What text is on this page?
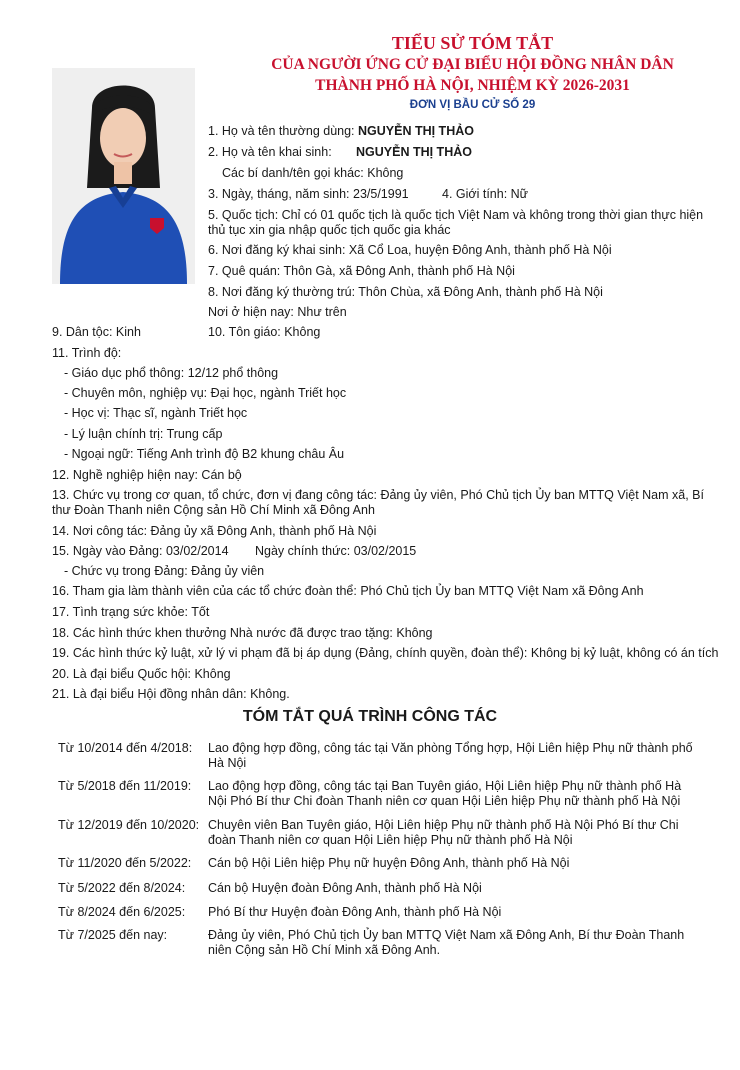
TIỂU SỬ TÓM TẮT
CỦA NGƯỜI ỨNG CỬ ĐẠI BIỂU HỘI ĐỒNG NHÂN DÂN
THÀNH PHỐ HÀ NỘI, NHIỆM KỲ 2026-2031
ĐƠN VỊ BẦU CỬ SỐ 29
1. Họ và tên thường dùng: NGUYỄN THỊ THẢO
2. Họ và tên khai sinh: NGUYỄN THỊ THẢO
Các bí danh/tên gọi khác: Không
3. Ngày, tháng, năm sinh: 23/5/1991	4. Giới tính: Nữ
5. Quốc tịch: Chỉ có 01 quốc tịch là quốc tịch Việt Nam và không trong thời gian thực hiện thủ tục xin gia nhập quốc tịch quốc gia khác
6. Nơi đăng ký khai sinh: Xã Cổ Loa, huyện Đông Anh, thành phố Hà Nội
7. Quê quán: Thôn Gà, xã Đông Anh, thành phố Hà Nội
8. Nơi đăng ký thường trú: Thôn Chùa, xã Đông Anh, thành phố Hà Nội
Nơi ở hiện nay: Như trên
9. Dân tộc: Kinh	10. Tôn giáo: Không
11. Trình độ:
- Giáo dục phổ thông: 12/12 phổ thông
- Chuyên môn, nghiệp vụ: Đại học, ngành Triết học
- Học vị: Thạc sĩ, ngành Triết học
- Lý luận chính trị: Trung cấp
- Ngoại ngữ: Tiếng Anh trình độ B2 khung châu Âu
12. Nghề nghiệp hiện nay: Cán bộ
13. Chức vụ trong cơ quan, tổ chức, đơn vị đang công tác: Đảng ủy viên, Phó Chủ tịch Ủy ban MTTQ Việt Nam xã, Bí thư Đoàn Thanh niên Cộng sản Hồ Chí Minh xã Đông Anh
14. Nơi công tác: Đảng ủy xã Đông Anh, thành phố Hà Nội
15. Ngày vào Đảng: 03/02/2014 Ngày chính thức: 03/02/2015
- Chức vụ trong Đảng: Đảng ủy viên
16. Tham gia làm thành viên của các tổ chức đoàn thể: Phó Chủ tịch Ủy ban MTTQ Việt Nam xã Đông Anh
17. Tình trạng sức khỏe: Tốt
18. Các hình thức khen thưởng Nhà nước đã được trao tặng: Không
19. Các hình thức kỷ luật, xử lý vi phạm đã bị áp dụng (Đảng, chính quyền, đoàn thể): Không bị kỷ luật, không có án tích
20. Là đại biểu Quốc hội: Không
21. Là đại biểu Hội đồng nhân dân: Không.
TÓM TẮT QUÁ TRÌNH CÔNG TÁC
Từ 10/2014 đến 4/2018:	Lao động hợp đồng, công tác tại Văn phòng Tổng hợp, Hội Liên hiệp Phụ nữ thành phố Hà Nội
Từ 5/2018 đến 11/2019:	Lao động hợp đồng, công tác tại Ban Tuyên giáo, Hội Liên hiệp Phụ nữ thành phố Hà Nội Phó Bí thư Chi đoàn Thanh niên cơ quan Hội Liên hiệp Phụ nữ thành phố Hà Nội
Từ 12/2019 đến 10/2020: Chuyên viên Ban Tuyên giáo, Hội Liên hiệp Phụ nữ thành phố Hà Nội Phó Bí thư Chi đoàn Thanh niên cơ quan Hội Liên hiệp Phụ nữ thành phố Hà Nội
Từ 11/2020 đến 5/2022:	Cán bộ Hội Liên hiệp Phụ nữ huyện Đông Anh, thành phố Hà Nội
Từ 5/2022 đến 8/2024:	Cán bộ Huyện đoàn Đông Anh, thành phố Hà Nội
Từ 8/2024 đến 6/2025:	Phó Bí thư Huyện đoàn Đông Anh, thành phố Hà Nội
Từ 7/2025 đến nay:	Đảng ủy viên, Phó Chủ tịch Ủy ban MTTQ Việt Nam xã Đông Anh, Bí thư Đoàn Thanh niên Cộng sản Hồ Chí Minh xã Đông Anh.
